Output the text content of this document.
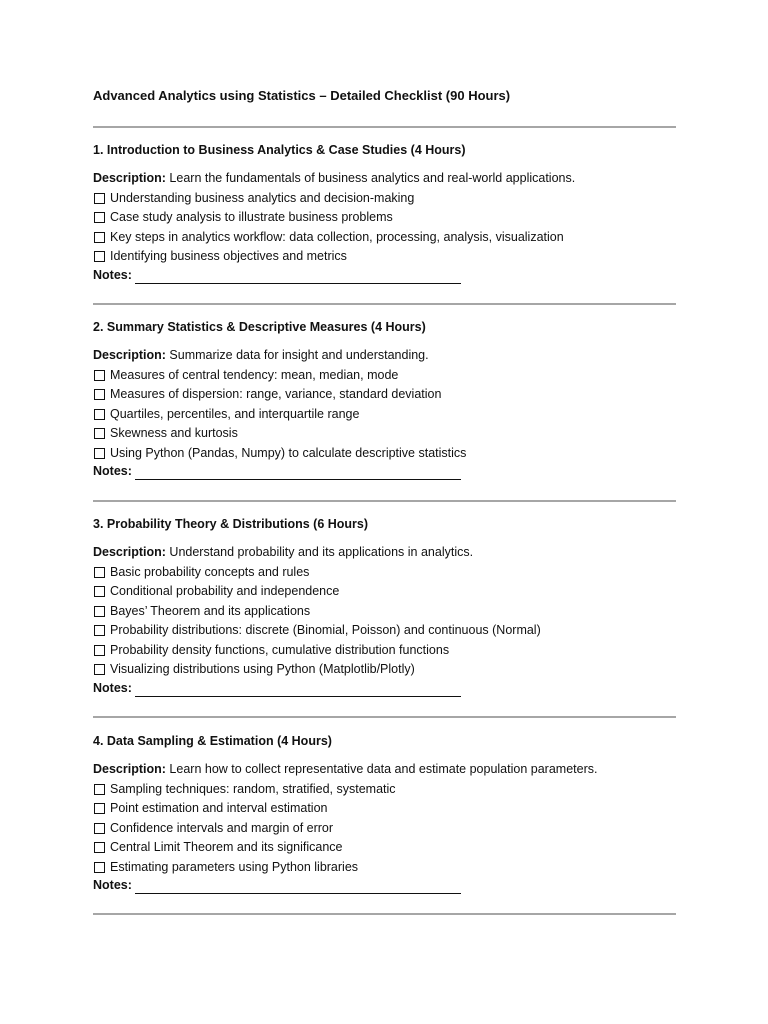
Advanced Analytics using Statistics – Detailed Checklist (90 Hours)
1. Introduction to Business Analytics & Case Studies (4 Hours)
Description: Learn the fundamentals of business analytics and real-world applications.
Understanding business analytics and decision-making
Case study analysis to illustrate business problems
Key steps in analytics workflow: data collection, processing, analysis, visualization
Identifying business objectives and metrics
Notes:
2. Summary Statistics & Descriptive Measures (4 Hours)
Description: Summarize data for insight and understanding.
Measures of central tendency: mean, median, mode
Measures of dispersion: range, variance, standard deviation
Quartiles, percentiles, and interquartile range
Skewness and kurtosis
Using Python (Pandas, Numpy) to calculate descriptive statistics
Notes:
3. Probability Theory & Distributions (6 Hours)
Description: Understand probability and its applications in analytics.
Basic probability concepts and rules
Conditional probability and independence
Bayes’ Theorem and its applications
Probability distributions: discrete (Binomial, Poisson) and continuous (Normal)
Probability density functions, cumulative distribution functions
Visualizing distributions using Python (Matplotlib/Plotly)
Notes:
4. Data Sampling & Estimation (4 Hours)
Description: Learn how to collect representative data and estimate population parameters.
Sampling techniques: random, stratified, systematic
Point estimation and interval estimation
Confidence intervals and margin of error
Central Limit Theorem and its significance
Estimating parameters using Python libraries
Notes:
